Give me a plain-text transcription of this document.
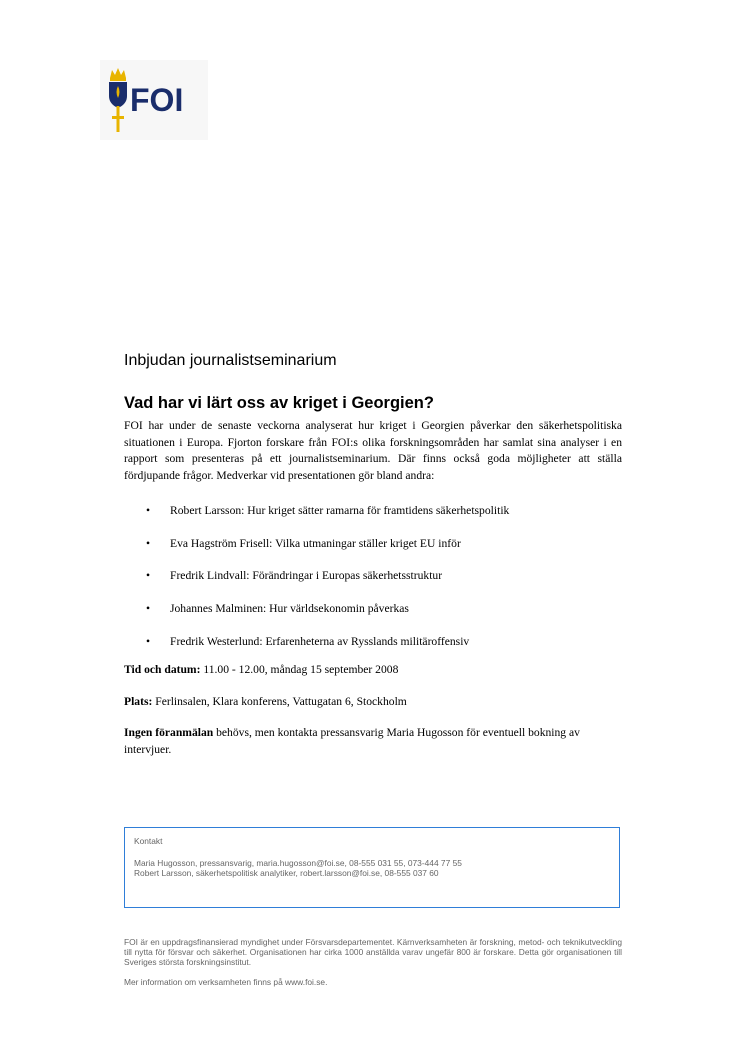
FOI
Inbjudan journalistseminarium
Vad har vi lärt oss av kriget i Georgien?

FOI har under de senaste veckorna analyserat hur kriget i Georgien påverkar den säkerhetspolitiska situationen i Europa. Fjorton forskare från FOI:s olika forskningsområden har samlat sina analyser i en rapport som presenteras på ett journalistseminarium. Där finns också goda möjligheter att ställa fördjupande frågor. Medverkar vid presentationen gör bland andra:

• Robert Larsson: Hur kriget sätter ramarna för framtidens säkerhetspolitik
• Eva Hagström Frisell: Vilka utmaningar ställer kriget EU inför
• Fredrik Lindvall: Förändringar i Europas säkerhetsstruktur
• Johannes Malminen: Hur världsekonomin påverkas
• Fredrik Westerlund: Erfarenheterna av Rysslands militäroffensiv

Tid och datum: 11.00 - 12.00, måndag 15 september 2008

Plats: Ferlinsalen, Klara konferens, Vattugatan 6, Stockholm

Ingen föranmälan behövs, men kontakta pressansvarig Maria Hugosson för eventuell bokning av intervjuer.

Kontakt
Maria Hugosson, pressansvarig, maria.hugosson@foi.se, 08-555 031 55, 073-444 77 55
Robert Larsson, säkerhetspolitisk analytiker, robert.larsson@foi.se, 08-555 037 60

FOI är en uppdragsfinansierad myndighet under Försvarsdepartementet. Kärnverksamheten är forskning, metod- och teknikutveckling till nytta för försvar och säkerhet. Organisationen har cirka 1000 anställda varav ungefär 800 är forskare. Detta gör organisationen till Sveriges största forskningsinstitut.

Mer information om verksamheten finns på www.foi.se.
